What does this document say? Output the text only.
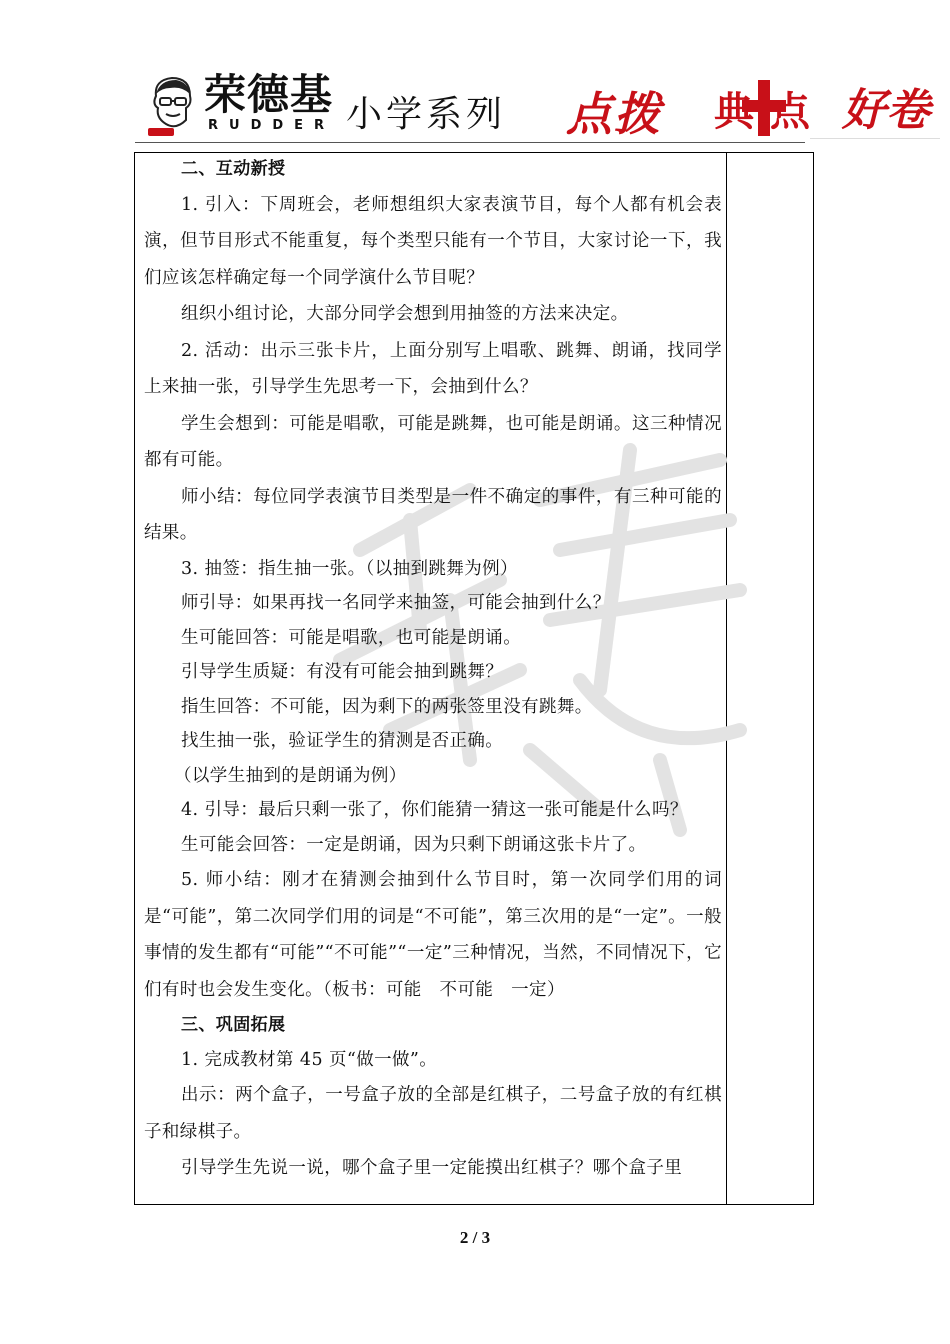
荣德基
RUDDER 小学系列 点拨 典点 好卷

二、互动新授

1. 引入：下周班会，老师想组织大家表演节目，每个人都有机会表演，但节目形式不能重复，每个类型只能有一个节目，大家讨论一下，我们应该怎样确定每一个同学演什么节目呢？

组织小组讨论，大部分同学会想到用抽签的方法来决定。

2. 活动：出示三张卡片，上面分别写上唱歌、跳舞、朗诵，找同学上来抽一张，引导学生先思考一下，会抽到什么？

学生会想到：可能是唱歌，可能是跳舞，也可能是朗诵。这三种情况都有可能。

师小结：每位同学表演节目类型是一件不确定的事件，有三种可能的结果。

3. 抽签：指生抽一张。（以抽到跳舞为例）

师引导：如果再找一名同学来抽签，可能会抽到什么？

生可能回答：可能是唱歌，也可能是朗诵。

引导学生质疑：有没有可能会抽到跳舞？

指生回答：不可能，因为剩下的两张签里没有跳舞。

找生抽一张，验证学生的猜测是否正确。

（以学生抽到的是朗诵为例）

4. 引导：最后只剩一张了，你们能猜一猜这一张可能是什么吗？

生可能会回答：一定是朗诵，因为只剩下朗诵这张卡片了。

5. 师小结：刚才在猜测会抽到什么节目时，第一次同学们用的词是“可能”，第二次同学们用的词是“不可能”，第三次用的是“一定”。一般事情的发生都有“可能”“不可能”“一定”三种情况，当然，不同情况下，它们有时也会发生变化。（板书：可能　不可能　一定）

三、巩固拓展

1. 完成教材第 45 页“做一做”。

出示：两个盒子，一号盒子放的全部是红棋子，二号盒子放的有红棋子和绿棋子。

引导学生先说一说，哪个盒子里一定能摸出红棋子？哪个盒子里

2 / 3
